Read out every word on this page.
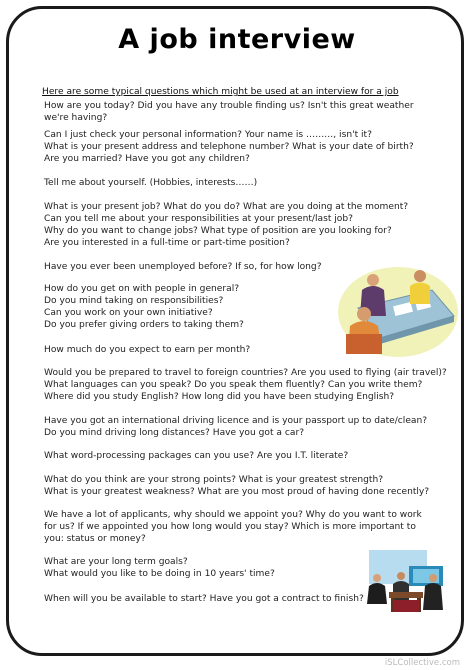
A job interview
Here are some typical questions which might be used at an interview for a job
How are you today? Did you have any trouble finding us? Isn't this great weather we're having?
Can I just check your personal information? Your name is ………, isn't it?
What is your present address and telephone number? What is your date of birth?
Are you married? Have you got any children?
Tell me about yourself. (Hobbies, interests……)
What is your present job? What do you do? What are you doing at the moment?
Can you tell me about your responsibilities at your present/last job?
Why do you want to change jobs? What type of position are you looking for?
Are you interested in a full-time or part-time position?
Have you ever been unemployed before? If so, for how long?
How do you get on with people in general?
Do you mind taking on responsibilities?
Can you work on your own initiative?
Do you prefer giving orders to taking them?
How much do you expect to earn per month?
Would you be prepared to travel to foreign countries? Are you used to flying (air travel)?
What languages can you speak? Do you speak them fluently? Can you write them?
Where did you study English? How long did you have been studying English?
Have you got an international driving licence and is your passport up to date/clean? Do you mind driving long distances? Have you got a car?
What word-processing packages can you use? Are you I.T. literate?
What do you think are your strong points? What is your greatest strength?
What is your greatest weakness? What are you most proud of having done recently?
We have a lot of applicants, why should we appoint you? Why do you want to work for us? If we appointed you how long would you stay? Which is more important to you: status or money?
What are your long term goals?
What would you like to be doing in 10 years' time?
When will you be available to start? Have you got a contract to finish?
iSLCollective.com
